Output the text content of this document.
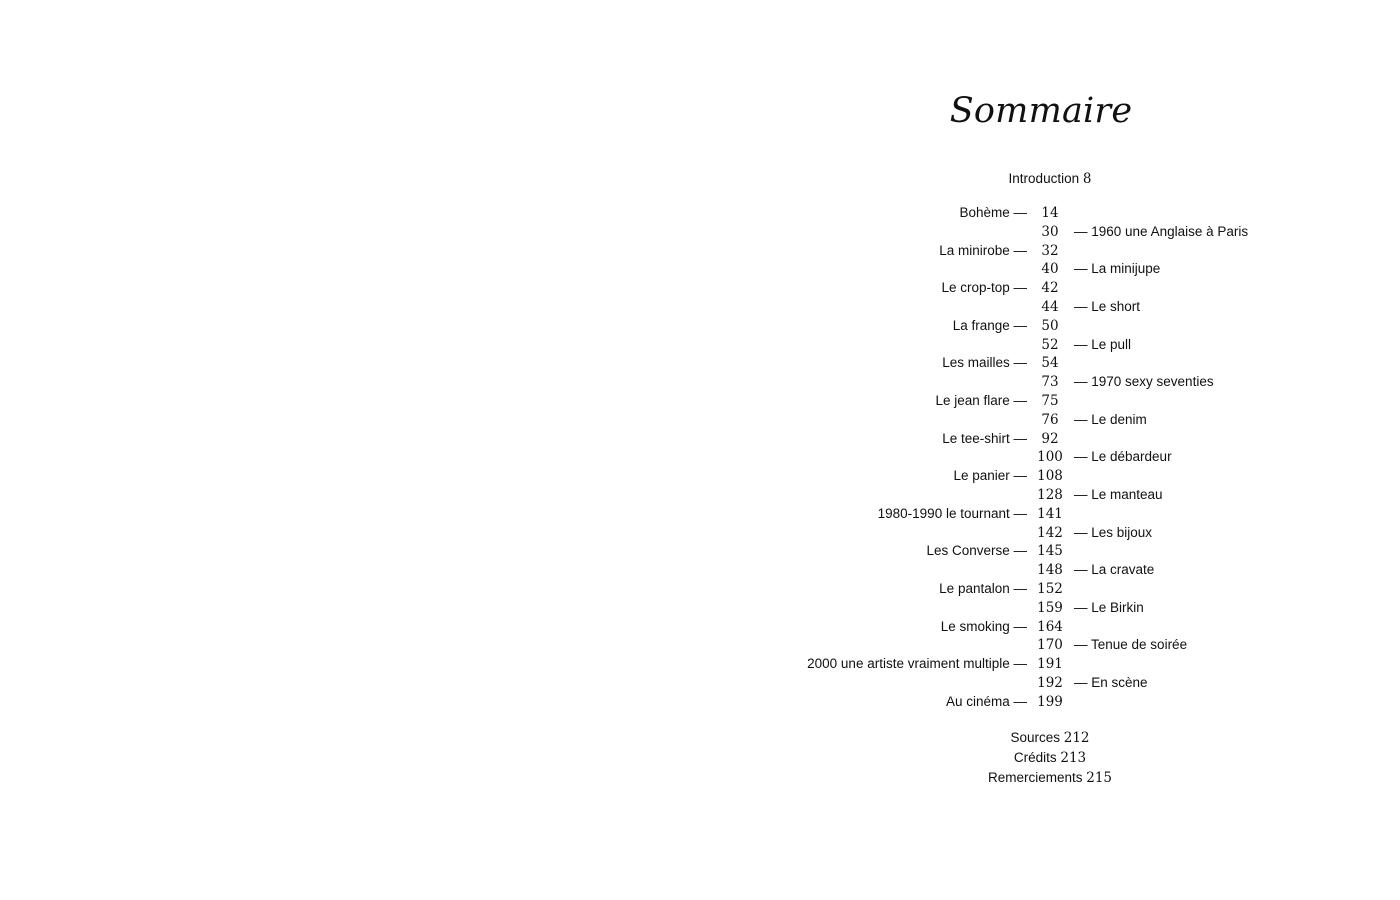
Sommaire
Introduction 8
Bohème —	14
30	— 1960 une Anglaise à Paris
La minirobe —	32
40	— La minijupe
Le crop-top —	42
44	— Le short
La frange —	50
52	— Le pull
Les mailles —	54
73	— 1970 sexy seventies
Le jean flare —	75
76	— Le denim
Le tee-shirt —	92
100 — Le débardeur
Le panier — 108
128 — Le manteau
1980-1990 le tournant — 141
142 — Les bijoux
Les Converse — 145
148 — La cravate
Le pantalon — 152
159 — Le Birkin
Le smoking — 164
170 — Tenue de soirée
2000 une artiste vraiment multiple — 191
192 — En scène
Au cinéma — 199
Sources 212
Crédits 213
Remerciements 215
